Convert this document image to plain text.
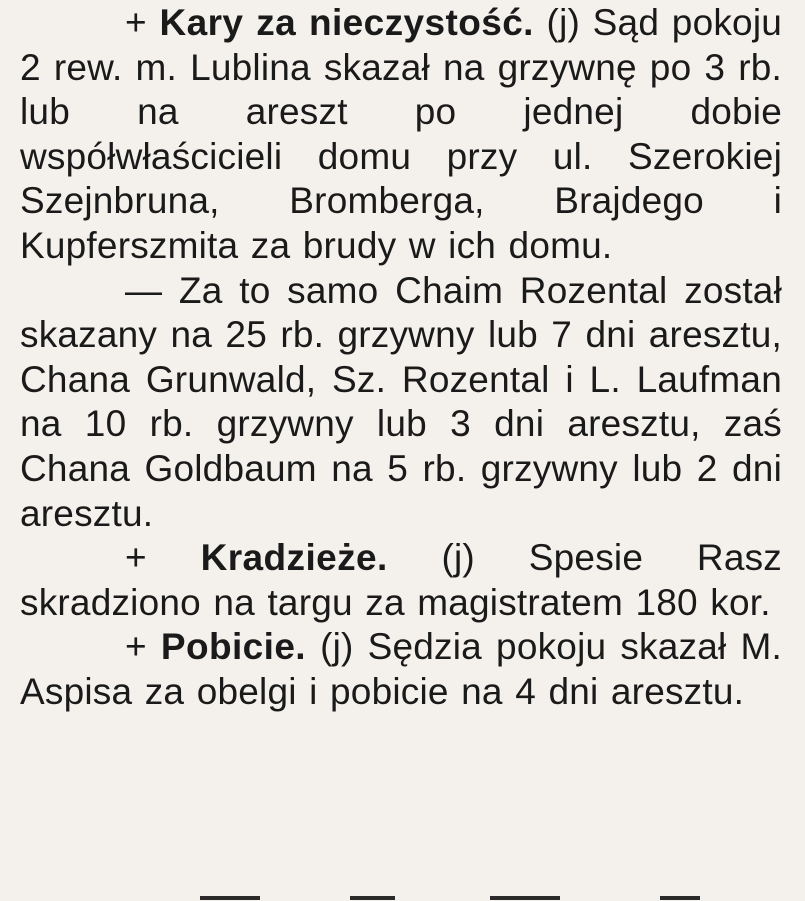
+ Kary za nieczystość. (j) Sąd pokoju 2 rew. m. Lublina skazał na grzywnę po 3 rb. lub na areszt po jednej dobie współwłaścicieli domu przy ul. Szerokiej Szejnbruna, Bromberga, Brajdego i Kupferszmita za brudy w ich domu.

— Za to samo Chaim Rozental został skazany na 25 rb. grzywny lub 7 dni aresztu, Chana Grunwald, Sz. Rozental i L. Laufman na 10 rb. grzywny lub 3 dni aresztu, zaś Chana Goldbaum na 5 rb. grzywny lub 2 dni aresztu.

+ Kradzieże. (j) Spesie Rasz skradziono na targu za magistratem 180 kor.

+ Pobicie. (j) Sędzia pokoju skazał M. Aspisa za obelgi i pobicie na 4 dni aresztu.
